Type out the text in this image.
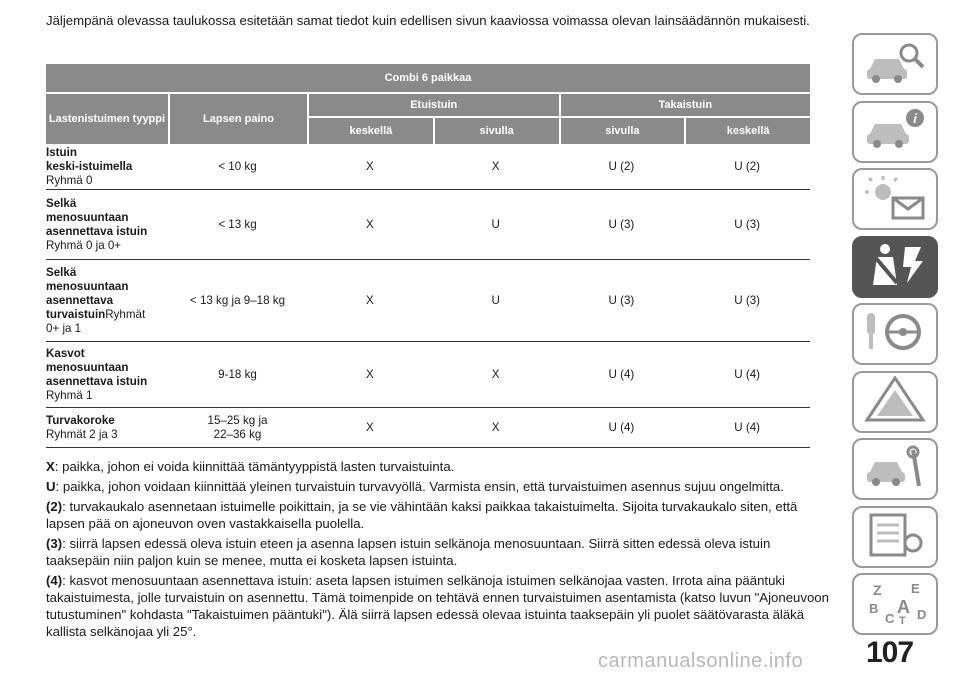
Jäljempänä olevassa taulukossa esitetään samat tiedot kuin edellisen sivun kaaviossa voimassa olevan lainsäädännön mukaisesti.
Combi 6 paikkaa
Lastenistuimen tyyppi	Lapsen paino
Etuistuin	Takaistuin
keskellä	sivulla	sivulla	keskellä
Istuin
keski-istuimella
Ryhmä 0
< 10 kg	X	X	U (2)	U (2)
Selkä
menosuuntaan
asennettava istuin
Ryhmä 0 ja 0+
< 13 kg	X	U	U (3)	U (3)
Selkä
menosuuntaan
asennettava
turvaistuinRyhmät
0+ ja 1
< 13 kg ja 9–18 kg	X	U	U (3)	U (3)
Kasvot
menosuuntaan
asennettava istuin
Ryhmä 1
9-18 kg	X	X	U (4)	U (4)
Turvakoroke
Ryhmät 2 ja 3
15–25 kg ja
22–36 kg	X	X	U (4)	U (4)

X: paikka, johon ei voida kiinnittää tämäntyyppistä lasten turvaistuinta.

U: paikka, johon voidaan kiinnittää yleinen turvaistuin turvavyöllä. Varmista ensin, että turvaistuimen asennus sujuu ongelmitta.

(2): turvakaukalo asennetaan istuimelle poikittain, ja se vie vähintään kaksi paikkaa takaistuimelta. Sijoita turvakaukalo siten, että lapsen pää on ajoneuvon oven vastakkaisella puolella.

(3): siirrä lapsen edessä oleva istuin eteen ja asenna lapsen istuin selkänoja menosuuntaan. Siirrä sitten edessä oleva istuin taaksepäin niin paljon kuin se menee, mutta ei kosketa lapsen istuinta.

(4): kasvot menosuuntaan asennettava istuin: aseta lapsen istuimen selkänoja istuimen selkänojaa vasten. Irrota aina pääntuki takaistuimesta, jolle turvaistuin on asennettu. Tämä toimenpide on tehtävä ennen turvaistuimen asentamista (katso luvun "Ajoneuvoon tutustuminen" kohdasta "Takaistuimen pääntuki"). Älä siirrä lapsen edessä olevaa istuinta taaksepäin yli puolet säätövarasta äläkä kallista selkänojaa yli 25°.

i
Z E
B A
C T D
107
carmanualsonline.info
